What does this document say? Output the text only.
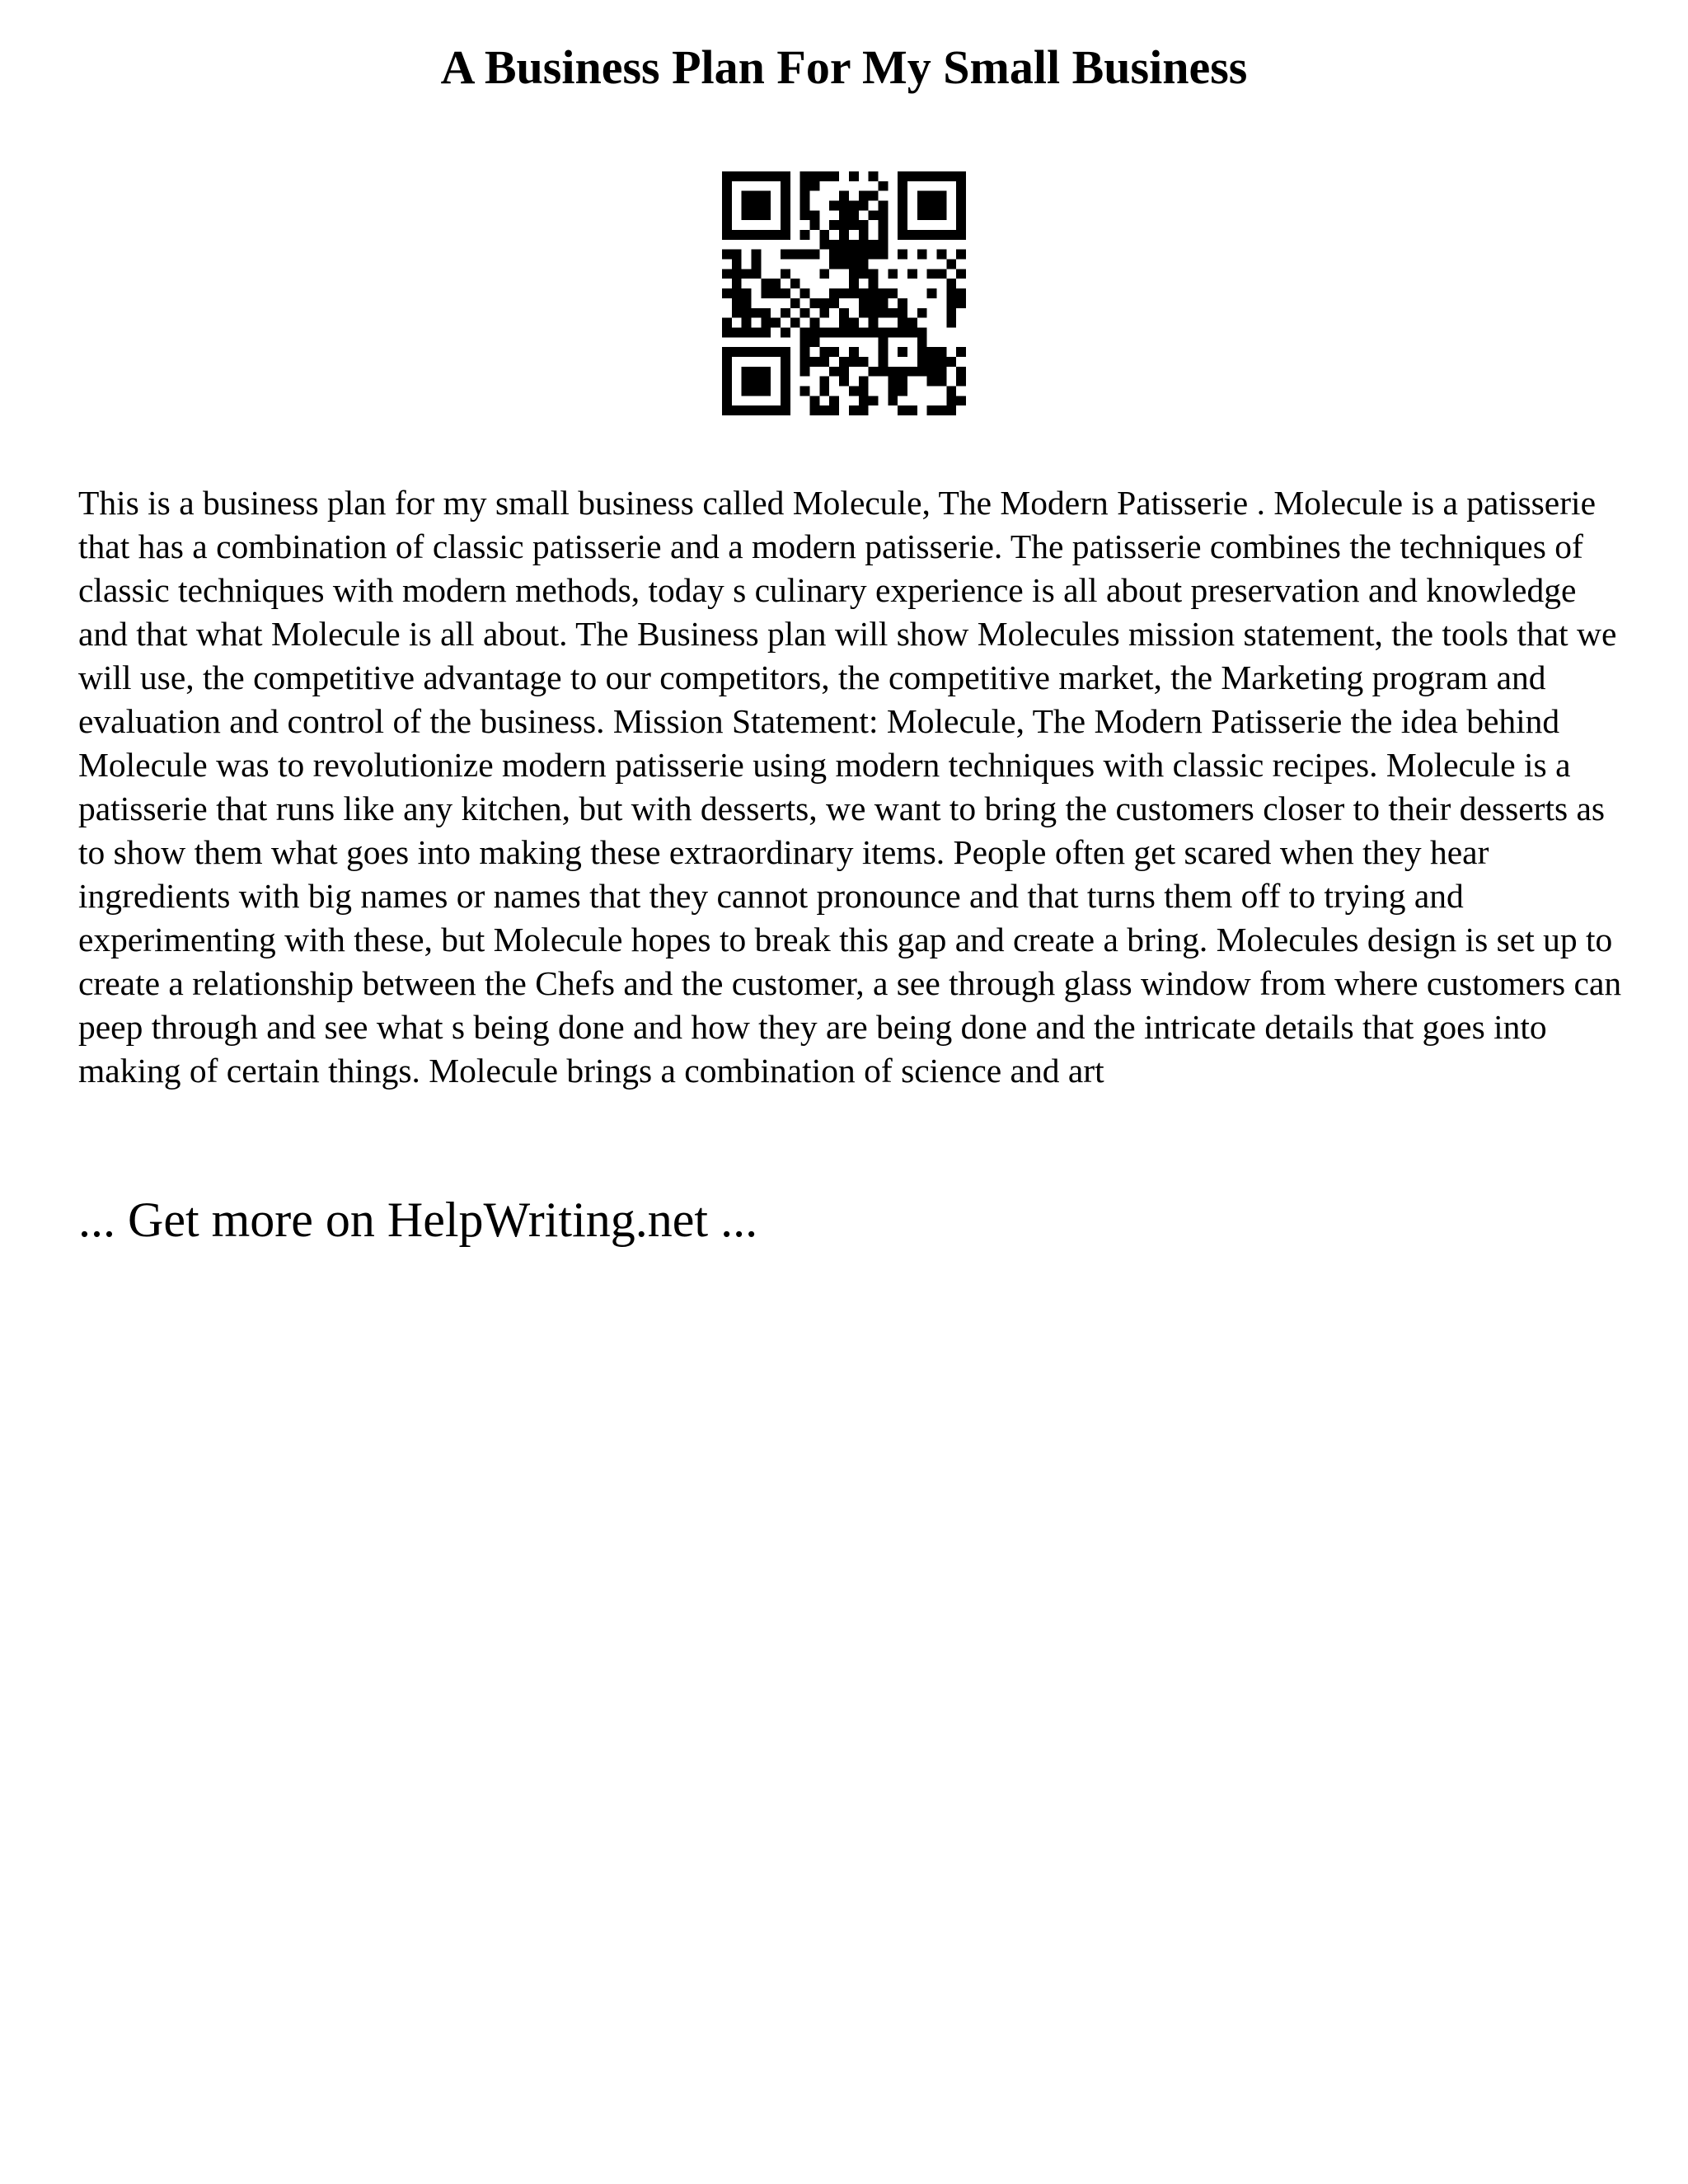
A Business Plan For My Small Business

This is a business plan for my small business called Molecule, The Modern Patisserie . Molecule is a patisserie that has a combination of classic patisserie and a modern patisserie. The patisserie combines the techniques of classic techniques with modern methods, today s culinary experience is all about preservation and knowledge and that what Molecule is all about. The Business plan will show Molecules mission statement, the tools that we will use, the competitive advantage to our competitors, the competitive market, the Marketing program and evaluation and control of the business. Mission Statement: Molecule, The Modern Patisserie the idea behind Molecule was to revolutionize modern patisserie using modern techniques with classic recipes. Molecule is a patisserie that runs like any kitchen, but with desserts, we want to bring the customers closer to their desserts as to show them what goes into making these extraordinary items. People often get scared when they hear ingredients with big names or names that they cannot pronounce and that turns them off to trying and experimenting with these, but Molecule hopes to break this gap and create a bring. Molecules design is set up to create a relationship between the Chefs and the customer, a see through glass window from where customers can peep through and see what s being done and how they are being done and the intricate details that goes into making of certain things. Molecule brings a combination of science and art

... Get more on HelpWriting.net ...
